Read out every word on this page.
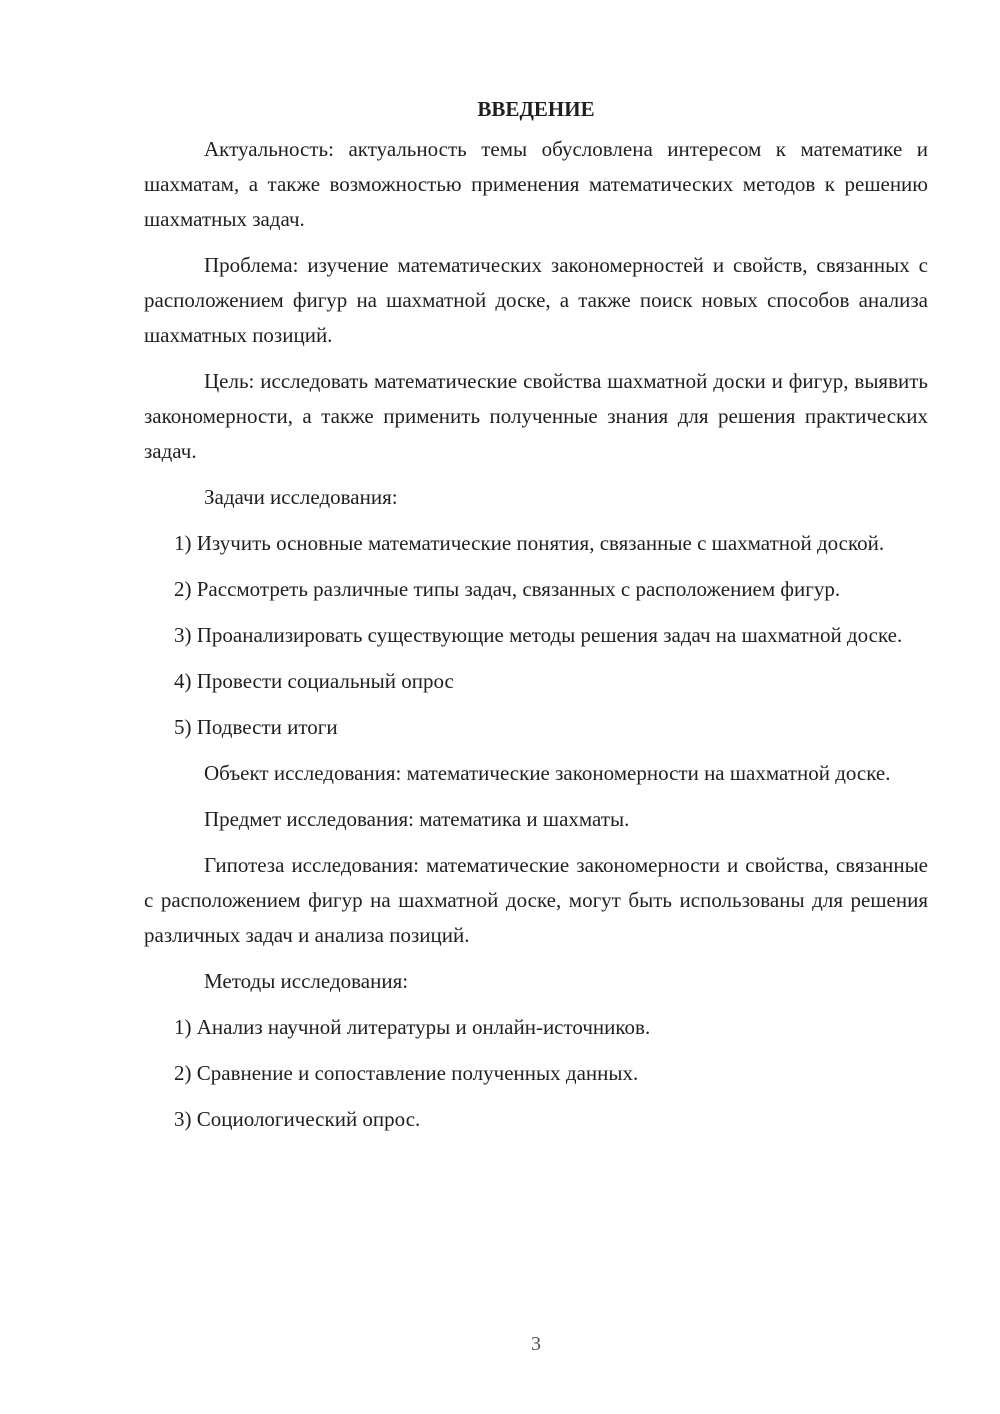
ВВЕДЕНИЕ

Актуальность: актуальность темы обусловлена интересом к математике и шахматам, а также возможностью применения математических методов к решению шахматных задач.

Проблема: изучение математических закономерностей и свойств, связанных с расположением фигур на шахматной доске, а также поиск новых способов анализа шахматных позиций.

Цель: исследовать математические свойства шахматной доски и фигур, выявить закономерности, а также применить полученные знания для решения практических задач.

Задачи исследования:

1) Изучить основные математические понятия, связанные с шахматной доской.

2) Рассмотреть различные типы задач, связанных с расположением фигур.

3) Проанализировать существующие методы решения задач на шахматной доске.

4) Провести социальный опрос

5) Подвести итоги

Объект исследования: математические закономерности на шахматной доске.

Предмет исследования: математика и шахматы.

Гипотеза исследования: математические закономерности и свойства, связанные с расположением фигур на шахматной доске, могут быть использованы для решения различных задач и анализа позиций.

Методы исследования:

1) Анализ научной литературы и онлайн-источников.

2) Сравнение и сопоставление полученных данных.

3) Социологический опрос.

3
